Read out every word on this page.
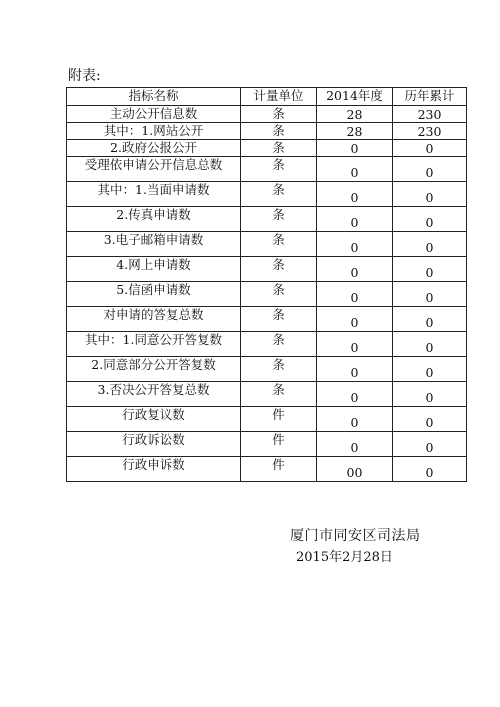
附表:
指标名称	计量单位	2014年度	历年累计
主动公开信息数	条	28	230
其中：1.网站公开	条	28	230
2.政府公报公开	条	0	0
受理依申请公开信息总数	条	0	0
其中：1.当面申请数	条	0	0
2.传真申请数	条	0	0
3.电子邮箱申请数	条	0	0
4.网上申请数	条	0	0
5.信函申请数	条	0	0
对申请的答复总数	条	0	0
其中：1.同意公开答复数	条	0	0
2.同意部分公开答复数	条	0	0
3.否决公开答复总数	条	0	0
行政复议数	件	0	0
行政诉讼数	件	0	0
行政申诉数	件	00	0
厦门市同安区司法局
2015年2月28日
